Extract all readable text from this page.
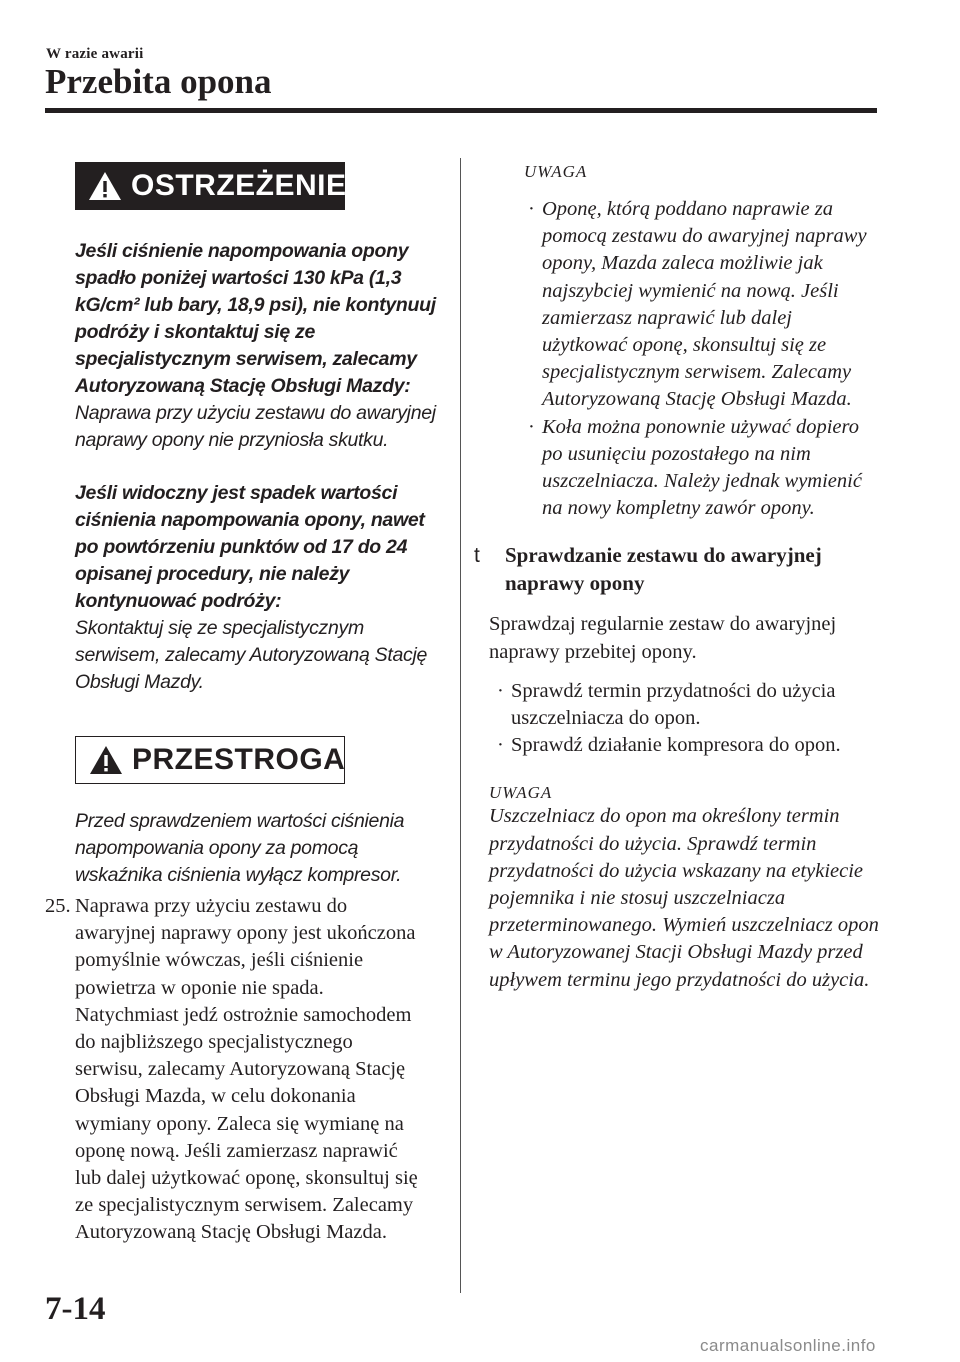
W razie awarii
Przebita opona
OSTRZEŻENIE

Jeśli ciśnienie napompowania opony spadło poniżej wartości 130 kPa (1,3 kG/cm² lub bary, 18,9 psi), nie kontynuuj podróży i skontaktuj się ze specjalistycznym serwisem, zalecamy Autoryzowaną Stację Obsługi Mazdy:

Naprawa przy użyciu zestawu do awaryjnej naprawy opony nie przyniosła skutku.

Jeśli widoczny jest spadek wartości ciśnienia napompowania opony, nawet po powtórzeniu punktów od 17 do 24 opisanej procedury, nie należy kontynuować podróży:

Skontaktuj się ze specjalistycznym serwisem, zalecamy Autoryzowaną Stację Obsługi Mazdy.

PRZESTROGA

Przed sprawdzeniem wartości ciśnienia napompowania opony za pomocą wskaźnika ciśnienia wyłącz kompresor.

25. Naprawa przy użyciu zestawu do awaryjnej naprawy opony jest ukończona pomyślnie wówczas, jeśli ciśnienie powietrza w oponie nie spada. Natychmiast jedź ostrożnie samochodem do najbliższego specjalistycznego serwisu, zalecamy Autoryzowaną Stację Obsługi Mazda, w celu dokonania wymiany opony. Zaleca się wymianę na oponę nową. Jeśli zamierzasz naprawić lub dalej użytkować oponę, skonsultuj się ze specjalistycznym serwisem. Zalecamy Autoryzowaną Stację Obsługi Mazda.
UWAGA
· Oponę, którą poddano naprawie za pomocą zestawu do awaryjnej naprawy opony, Mazda zaleca możliwie jak najszybciej wymienić na nową. Jeśli zamierzasz naprawić lub dalej użytkować oponę, skonsultuj się ze specjalistycznym serwisem. Zalecamy Autoryzowaną Stację Obsługi Mazda.
· Koła można ponownie używać dopiero po usunięciu pozostałego na nim uszczelniacza. Należy jednak wymienić na nowy kompletny zawór opony.
t	Sprawdzanie zestawu do awaryjnej naprawy opony
Sprawdzaj regularnie zestaw do awaryjnej naprawy przebitej opony.
· Sprawdź termin przydatności do użycia uszczelniacza do opon.
· Sprawdź działanie kompresora do opon.
UWAGA
Uszczelniacz do opon ma określony termin przydatności do użycia. Sprawdź termin przydatności do użycia wskazany na etykiecie pojemnika i nie stosuj uszczelniacza przeterminowanego. Wymień uszczelniacz opon w Autoryzowanej Stacji Obsługi Mazdy przed upływem terminu jego przydatności do użycia.
7-14
carmanualsonline.info
